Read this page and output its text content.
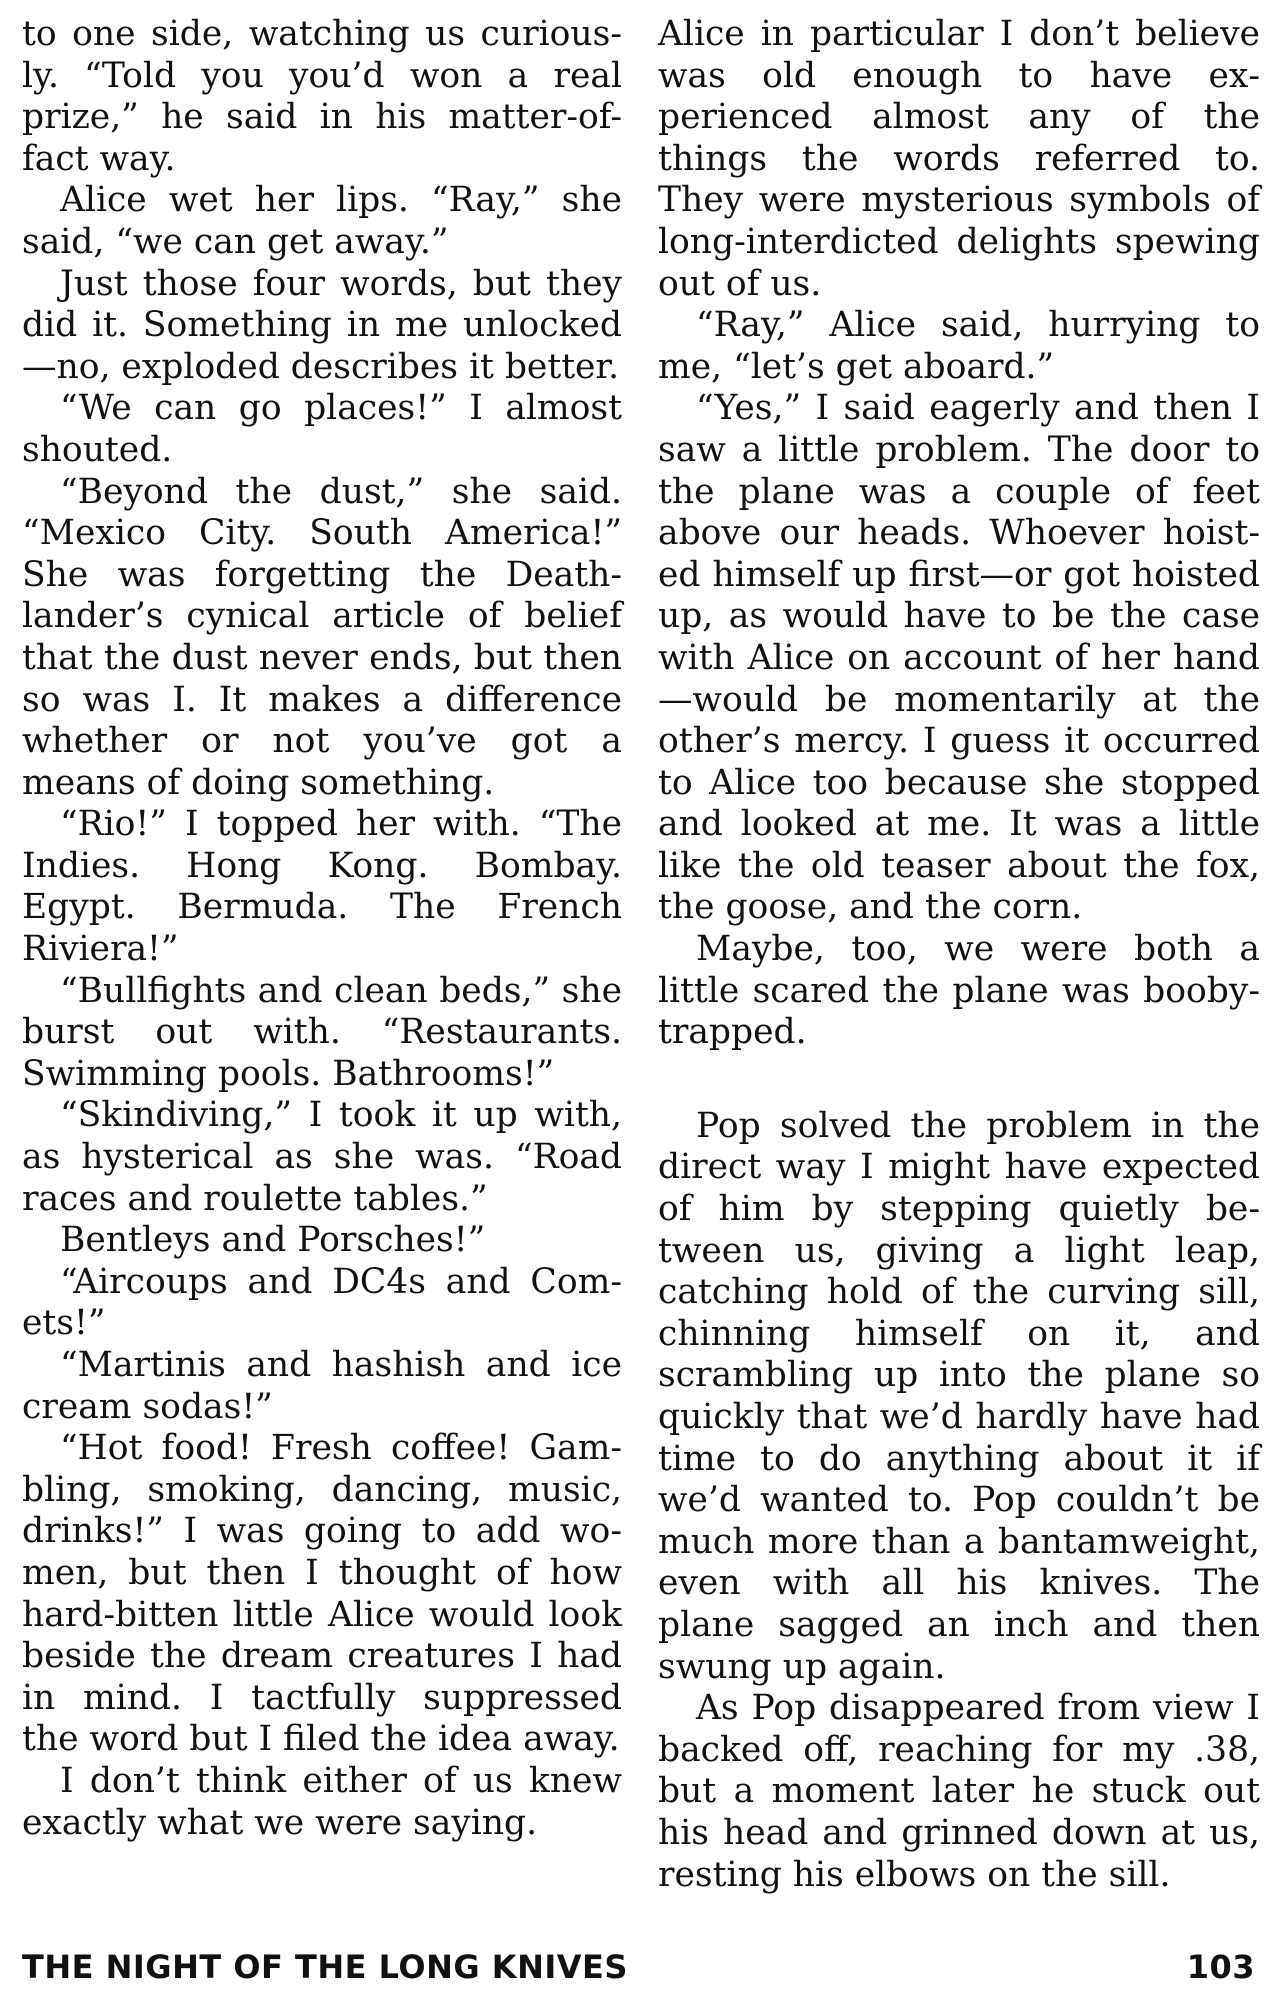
to one side, watching us curiously. “Told you you’d won a real prize,” he said in his matter-of-fact way.

Alice wet her lips. “Ray,” she said, “we can get away.”

Just those four words, but they did it. Something in me unlocked —no, exploded describes it better.

“We can go places!” I almost shouted.

“Beyond the dust,” she said. “Mexico City. South America!” She was forgetting the Deathlander’s cynical article of belief that the dust never ends, but then so was I. It makes a difference whether or not you’ve got a means of doing something.

“Rio!” I topped her with. “The Indies. Hong Kong. Bombay. Egypt. Bermuda. The French Riviera!”

“Bullfights and clean beds,” she burst out with. “Restaurants. Swimming pools. Bathrooms!”

“Skindiving,” I took it up with, as hysterical as she was. “Road races and roulette tables.”

Bentleys and Porsches!”

“Aircoups and DC4s and Comets!”

“Martinis and hashish and ice cream sodas!”

“Hot food! Fresh coffee! Gambling, smoking, dancing, music, drinks!” I was going to add women, but then I thought of how hard-bitten little Alice would look beside the dream creatures I had in mind. I tactfully suppressed the word but I filed the idea away.

I don’t think either of us knew exactly what we were saying.

Alice in particular I don’t believe was old enough to have experienced almost any of the things the words referred to. They were mysterious symbols of long-interdicted delights spewing out of us.

“Ray,” Alice said, hurrying to me, “let’s get aboard.”

“Yes,” I said eagerly and then I saw a little problem. The door to the plane was a couple of feet above our heads. Whoever hoisted himself up first—or got hoisted up, as would have to be the case with Alice on account of her hand—would be momentarily at the other’s mercy. I guess it occurred to Alice too because she stopped and looked at me. It was a little like the old teaser about the fox, the goose, and the corn.

Maybe, too, we were both a little scared the plane was booby-trapped.

Pop solved the problem in the direct way I might have expected of him by stepping quietly between us, giving a light leap, catching hold of the curving sill, chinning himself on it, and scrambling up into the plane so quickly that we’d hardly have had time to do anything about it if we’d wanted to. Pop couldn’t be much more than a bantamweight, even with all his knives. The plane sagged an inch and then swung up again.

As Pop disappeared from view I backed off, reaching for my .38, but a moment later he stuck out his head and grinned down at us, resting his elbows on the sill.

THE NIGHT OF THE LONG KNIVES	103
